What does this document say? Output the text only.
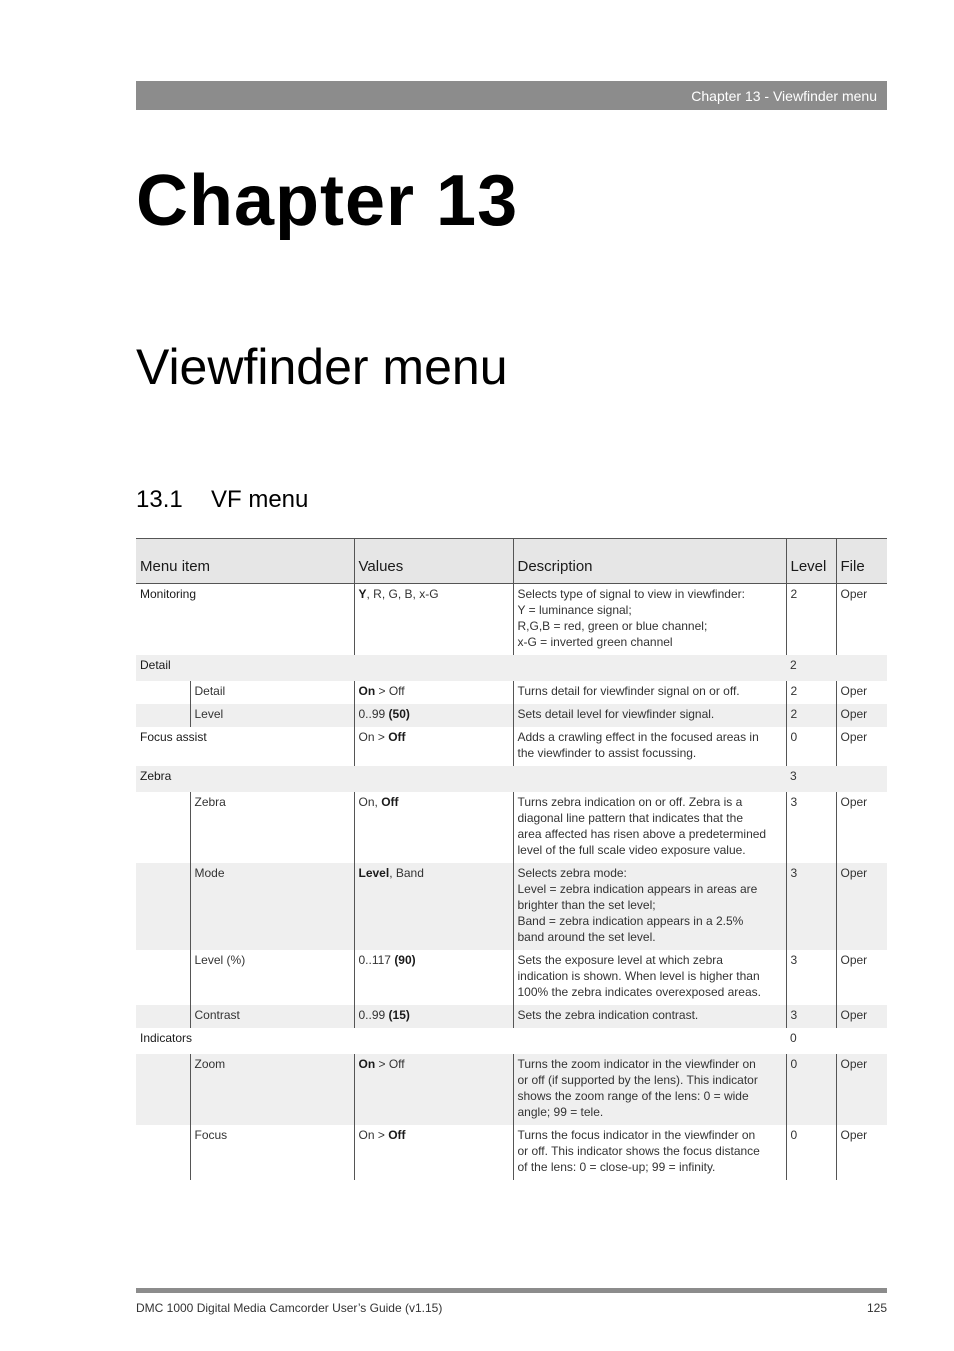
Chapter 13 - Viewfinder menu
Chapter 13
Viewfinder menu
13.1 VF menu
Menu item		Values	Description	Level	File
Monitoring		Y, R, G, B, x-G	Selects type of signal to view in viewfinder:
Y = luminance signal;
R,G,B = red, green or blue channel;
x-G = inverted green channel	2	Oper
Detail				2	
	Detail	On > Off	Turns detail for viewfinder signal on or off.	2	Oper
	Level	0..99 (50)	Sets detail level for viewfinder signal.	2	Oper
Focus assist		On > Off	Adds a crawling effect in the focused areas in
the viewfinder to assist focussing.	0	Oper
Zebra				3	
	Zebra	On, Off	Turns zebra indication on or off. Zebra is a
diagonal line pattern that indicates that the
area affected has risen above a predetermined
level of the full scale video exposure value.	3	Oper
	Mode	Level, Band	Selects zebra mode:
Level = zebra indication appears in areas are
brighter than the set level;
Band = zebra indication appears in a 2.5%
band around the set level.	3	Oper
	Level (%)	0..117 (90)	Sets the exposure level at which zebra
indication is shown. When level is higher than
100% the zebra indicates overexposed areas.	3	Oper
	Contrast	0..99 (15)	Sets the zebra indication contrast.	3	Oper
Indicators				0	
	Zoom	On > Off	Turns the zoom indicator in the viewfinder on
or off (if supported by the lens). This indicator
shows the zoom range of the lens: 0 = wide
angle; 99 = tele.	0	Oper
	Focus	On > Off	Turns the focus indicator in the viewfinder on
or off. This indicator shows the focus distance
of the lens: 0 = close-up; 99 = infinity.	0	Oper
DMC 1000 Digital Media Camcorder User’s Guide (v1.15)	125
